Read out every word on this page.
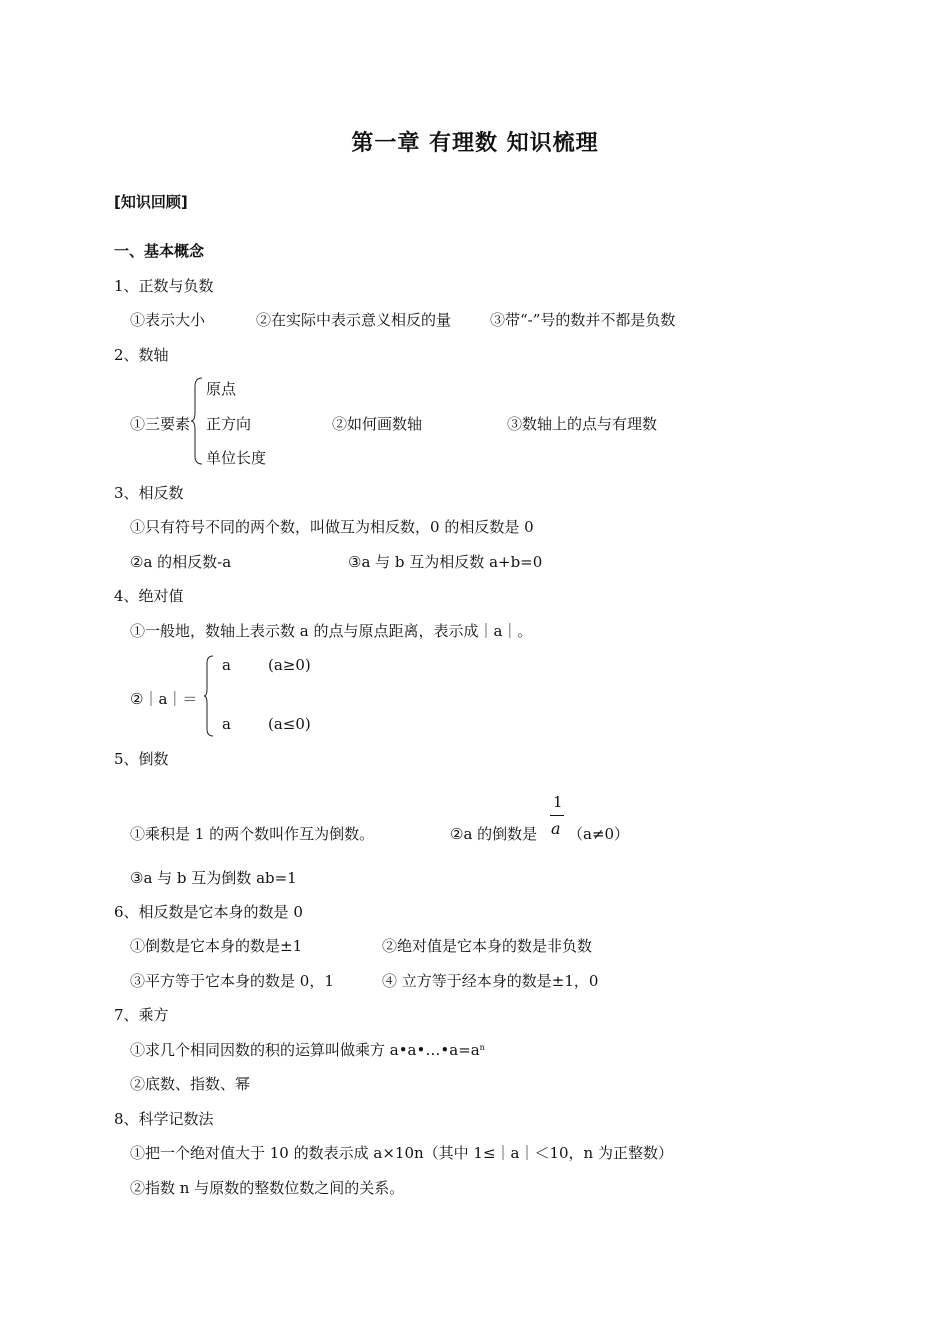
第一章 有理数 知识梳理
[知识回顾]
一、基本概念
1、正数与负数
①表示大小	②在实际中表示意义相反的量	③带“-”号的数并不都是负数
2、数轴
原点
①三要素 正方向	②如何画数轴	③数轴上的点与有理数
单位长度
3、相反数
①只有符号不同的两个数，叫做互为相反数，0 的相反数是 0
②a 的相反数-a	③a 与 b 互为相反数 a+b=0
4、绝对值
①一般地，数轴上表示数 a 的点与原点距离，表示成｜a｜。
a (a≥0)
②｜a｜＝
a (a≤0)
5、倒数
1
①乘积是 1 的两个数叫作互为倒数。	②a 的倒数是 a （a≠0）
③a 与 b 互为倒数 ab=1
6、相反数是它本身的数是 0
①倒数是它本身的数是±1	②绝对值是它本身的数是非负数
③平方等于它本身的数是 0，1	④ 立方等于经本身的数是±1，0
7、乘方
①求几个相同因数的积的运算叫做乘方 $a•a•\dots•a=a^n$
②底数、指数、幂
8、科学记数法
①把一个绝对值大于 10 的数表示成 a×10n（其中 1≤｜a｜＜10，n 为正整数）
②指数 n 与原数的整数位数之间的关系。
